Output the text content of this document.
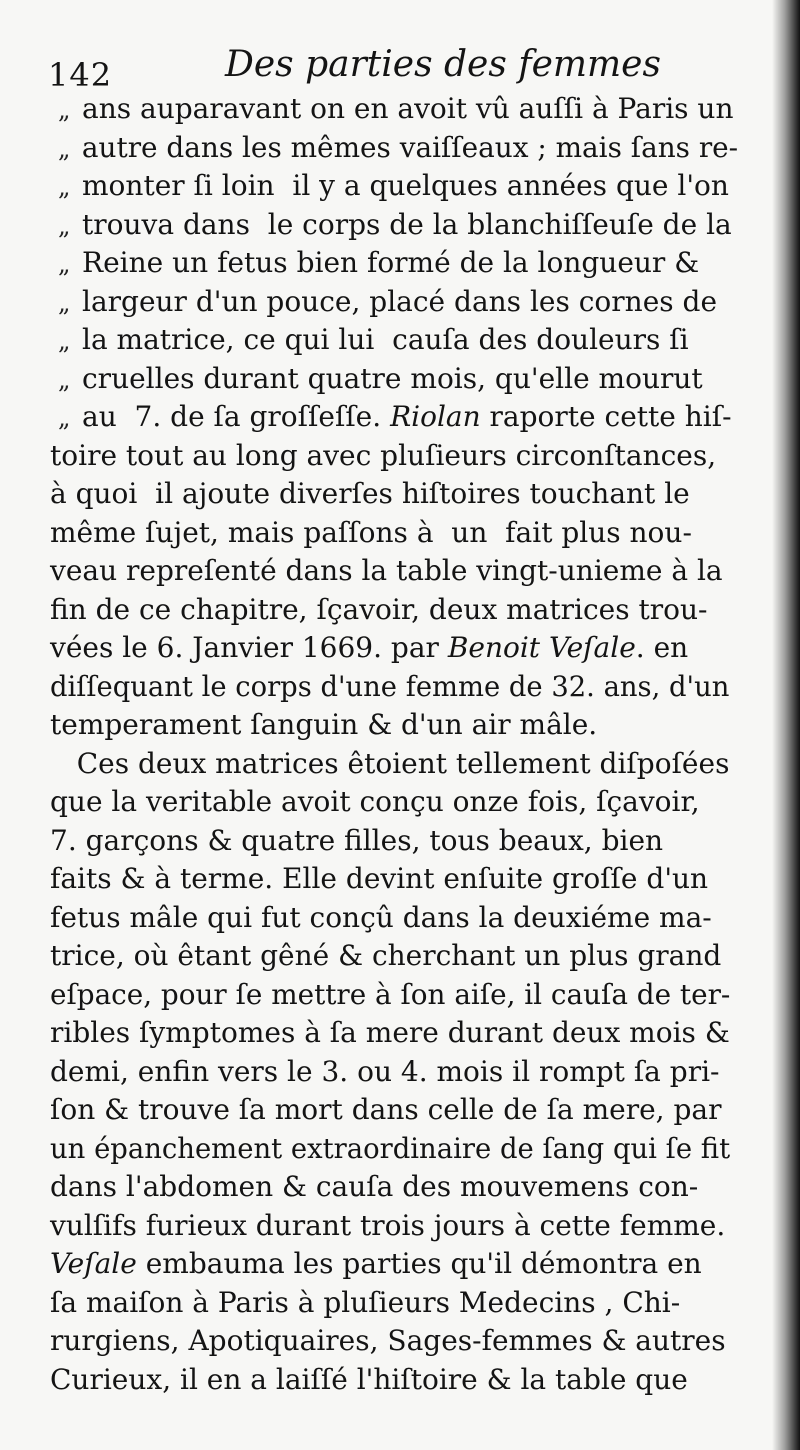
142	Des parties des femmes
„ ans auparavant on en avoit vû auſſi à Paris un
„ autre dans les mêmes vaiſſeaux ; mais ſans re-
„ monter ſi loin  il y a quelques années que l'on
„ trouva dans  le corps de la blanchiſſeuſe de la
„ Reine un fetus bien formé de la longueur &
„ largeur d'un pouce, placé dans les cornes de
„ la matrice, ce qui lui  cauſa des douleurs ſi
„ cruelles durant quatre mois, qu'elle mourut
„ au  7. de ſa groſſeſſe. Riolan raporte cette hiſ-
toire tout au long avec pluſieurs circonſtances,
à quoi  il ajoute diverſes hiſtoires touchant le
même ſujet, mais paſſons à  un  fait plus nou-
veau repreſenté dans la table vingt-unieme à la
fin de ce chapitre, ſçavoir, deux matrices trou-
vées le 6. Janvier 1669. par Benoit Veſale. en
diſſequant le corps d'une femme de 32. ans, d'un
temperament ſanguin & d'un air mâle.
Ces deux matrices êtoient tellement diſpoſées
que la veritable avoit conçu onze fois, ſçavoir,
7. garçons & quatre filles, tous beaux, bien
faits & à terme. Elle devint enſuite groſſe d'un
fetus mâle qui fut conçû dans la deuxiéme ma-
trice, où êtant gêné & cherchant un plus grand
eſpace, pour ſe mettre à ſon aiſe, il cauſa de ter-
ribles ſymptomes à ſa mere durant deux mois &
demi, enfin vers le 3. ou 4. mois il rompt ſa pri-
ſon & trouve ſa mort dans celle de ſa mere, par
un épanchement extraordinaire de ſang qui ſe fit
dans l'abdomen & cauſa des mouvemens con-
vulſifs furieux durant trois jours à cette femme.
Veſale embauma les parties qu'il démontra en
ſa maiſon à Paris à pluſieurs Medecins , Chi-
rurgiens, Apotiquaires, Sages-femmes & autres
Curieux, il en a laiſſé l'hiſtoire & la table que
